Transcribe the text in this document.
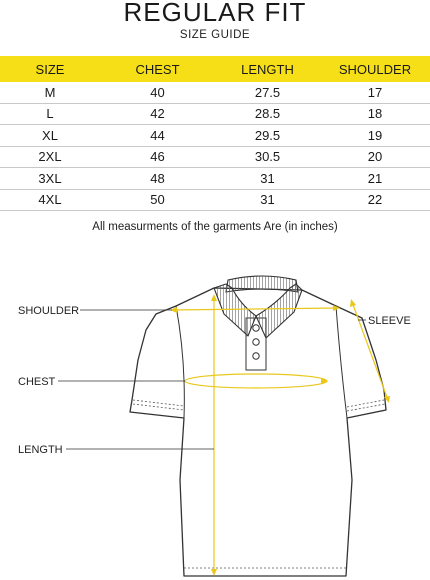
REGULAR FIT
SIZE GUIDE
SIZE	CHEST	LENGTH	SHOULDER
M	40	27.5	17
L	42	28.5	18
XL	44	29.5	19
2XL	46	30.5	20
3XL	48	31	21
4XL	50	31	22
All measurments of the garments Are (in inches)
SHOULDER
CHEST
LENGTH
SLEEVE
